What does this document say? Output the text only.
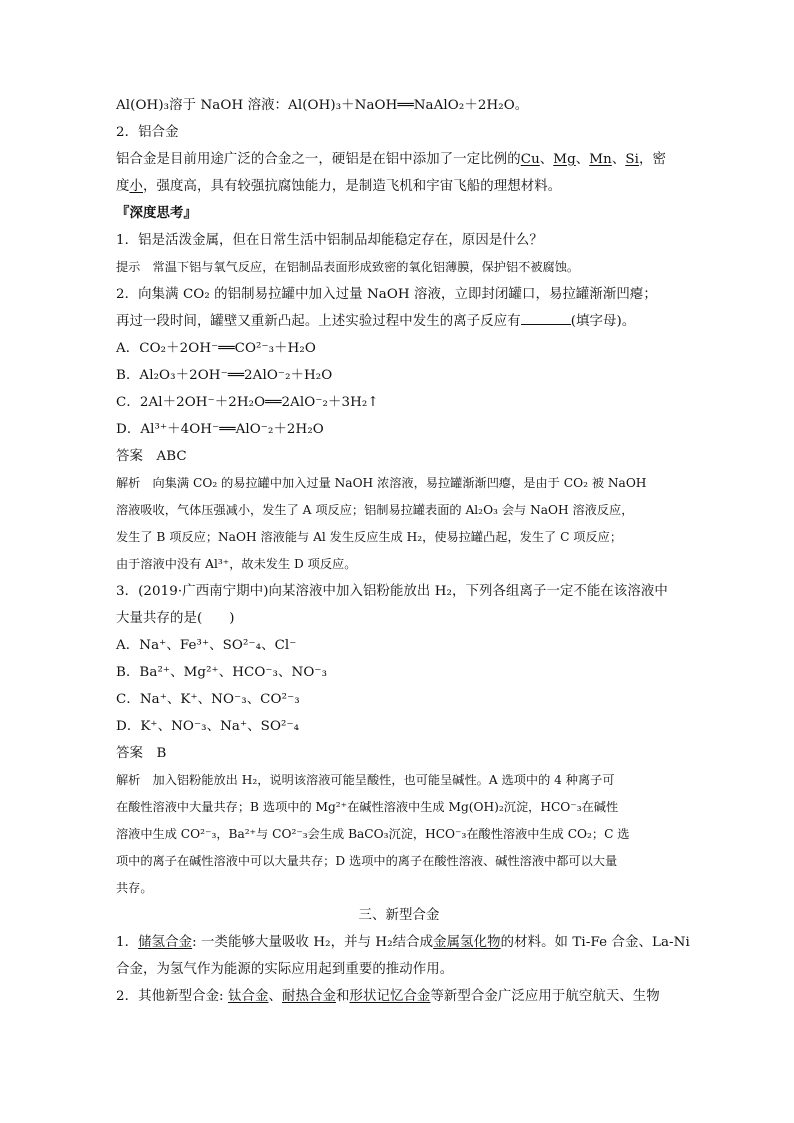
Al(OH)₃溶于 NaOH 溶液：Al(OH)₃＋NaOH══NaAlO₂＋2H₂O。
2．铝合金
铝合金是目前用途广泛的合金之一，硬铝是在铝中添加了一定比例的Cu、Mg、Mn、Si，密
度小，强度高，具有较强抗腐蚀能力，是制造飞机和宇宙飞船的理想材料。
『深度思考』
1．铝是活泼金属，但在日常生活中铝制品却能稳定存在，原因是什么？
提示　常温下铝与氧气反应，在铝制品表面形成致密的氧化铝薄膜，保护铝不被腐蚀。
2．向集满 CO₂ 的铝制易拉罐中加入过量 NaOH 溶液，立即封闭罐口，易拉罐渐渐凹瘪；
再过一段时间，罐壁又重新凸起。上述实验过程中发生的离子反应有	(填字母)。
A．CO₂＋2OH⁻══CO²⁻₃＋H₂O
B．Al₂O₃＋2OH⁻══2AlO⁻₂＋H₂O
C．2Al＋2OH⁻＋2H₂O══2AlO⁻₂＋3H₂↑
D．Al³⁺＋4OH⁻══AlO⁻₂＋2H₂O
答案　ABC
解析　向集满 CO₂ 的易拉罐中加入过量 NaOH 浓溶液，易拉罐渐渐凹瘪，是由于 CO₂ 被 NaOH
溶液吸收，气体压强减小，发生了 A 项反应；铝制易拉罐表面的 Al₂O₃ 会与 NaOH 溶液反应，
发生了 B 项反应；NaOH 溶液能与 Al 发生反应生成 H₂，使易拉罐凸起，发生了 C 项反应；
由于溶液中没有 Al³⁺，故未发生 D 项反应。
3．(2019·广西南宁期中)向某溶液中加入铝粉能放出 H₂，下列各组离子一定不能在该溶液中
大量共存的是(　　)
A．Na⁺、Fe³⁺、SO²⁻₄、Cl⁻
B．Ba²⁺、Mg²⁺、HCO⁻₃、NO⁻₃
C．Na⁺、K⁺、NO⁻₃、CO²⁻₃
D．K⁺、NO⁻₃、Na⁺、SO²⁻₄
答案　B
解析　加入铝粉能放出 H₂，说明该溶液可能呈酸性，也可能呈碱性。A 选项中的 4 种离子可
在酸性溶液中大量共存；B 选项中的 Mg²⁺在碱性溶液中生成 Mg(OH)₂沉淀，HCO⁻₃在碱性
溶液中生成 CO²⁻₃，Ba²⁺与 CO²⁻₃会生成 BaCO₃沉淀，HCO⁻₃在酸性溶液中生成 CO₂；C 选
项中的离子在碱性溶液中可以大量共存；D 选项中的离子在酸性溶液、碱性溶液中都可以大量
共存。
三、新型合金
1．储氢合金: 一类能够大量吸收 H₂，并与 H₂结合成金属氢化物的材料。如 Ti-Fe 合金、La-Ni
合金，为氢气作为能源的实际应用起到重要的推动作用。
2．其他新型合金: 钛合金、耐热合金和形状记忆合金等新型合金广泛应用于航空航天、生物
